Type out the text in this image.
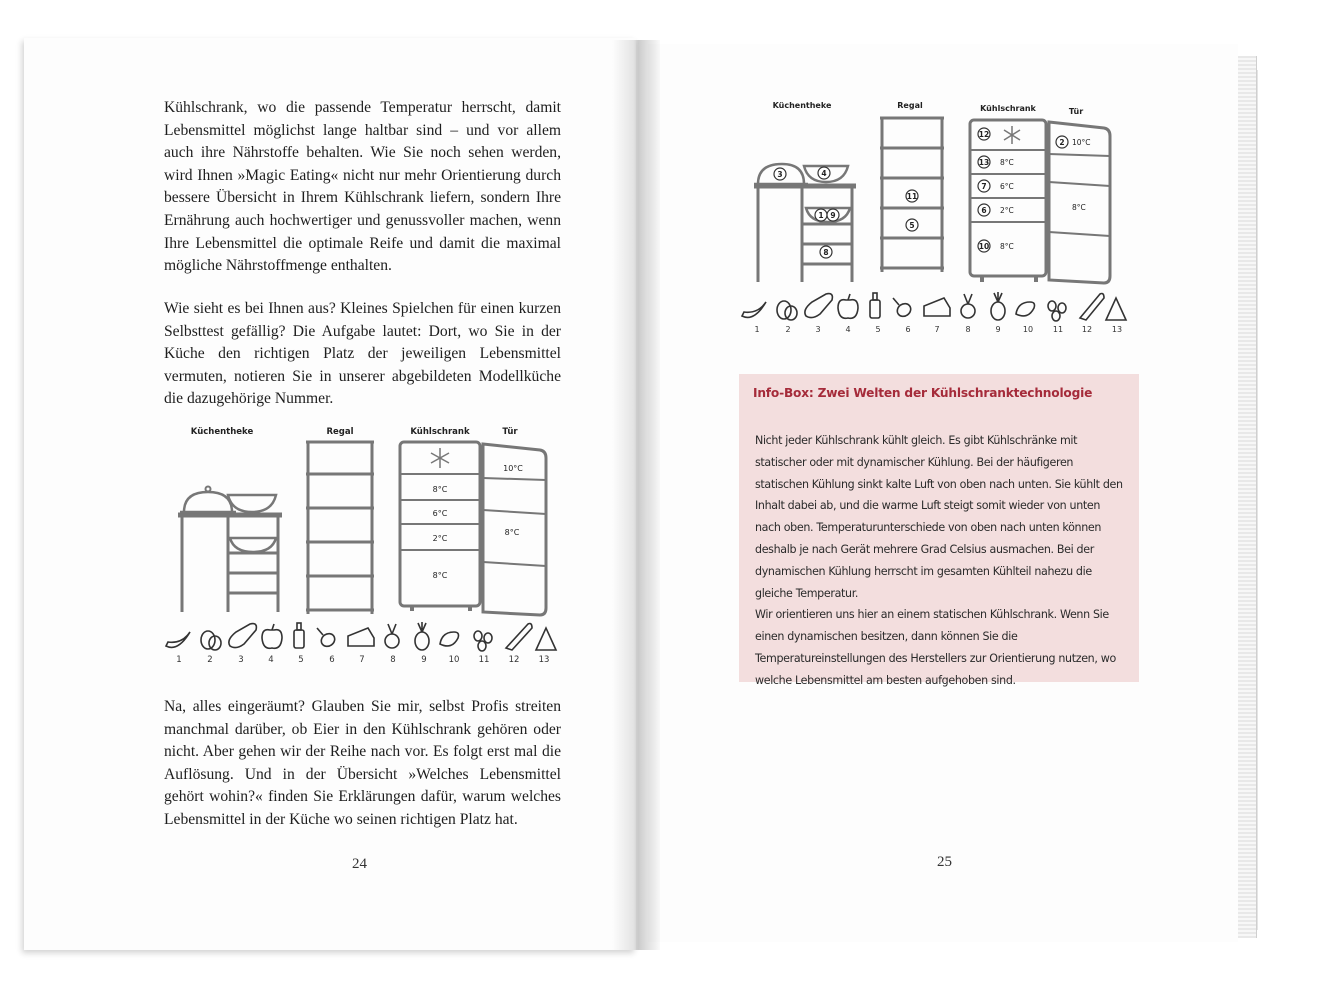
Kühlschrank, wo die passende Temperatur herrscht, damit Lebensmittel möglichst lange haltbar sind – und vor allem auch ihre Nährstoffe behalten. Wie Sie noch sehen werden, wird Ihnen »Magic Eating« nicht nur mehr Orientierung durch bessere Übersicht in Ihrem Kühlschrank liefern, sondern Ihre Ernährung auch hochwertiger und genussvoller machen, wenn Ihre Lebensmittel die optimale Reife und damit die maximal mögliche Nährstoffmenge enthalten.

Wie sieht es bei Ihnen aus? Kleines Spielchen für einen kurzen Selbsttest gefällig? Die Aufgabe lautet: Dort, wo Sie in der Küche den richtigen Platz der jeweiligen Lebensmittel vermuten, notieren Sie in unserer abgebildeten Modellküche die dazugehörige Nummer.

Na, alles eingeräumt? Glauben Sie mir, selbst Profis streiten manchmal darüber, ob Eier in den Kühlschrank gehören oder nicht. Aber gehen wir der Reihe nach vor. Es folgt erst mal die Auflösung. Und in der Übersicht »Welches Lebensmittel gehört wohin?« finden Sie Erklärungen dafür, warum welches Lebensmittel in der Küche wo seinen richtigen Platz hat.

24
Küchentheke	Regal	Kühlschrank	Tür
8°C
6°C
2°C
8°C
10°C
8°C
1	2	3	4	5	6	7	8	9	10 11 12 13
3	4
1 9
8
11
5
12
13
7
6
10
2
8°C
6°C
2°C
8°C
10°C
8°C
Küchentheke	Regal	Kühlschrank	Tür
1	2	3	4	5	6	7	8	9	10 11 12 13
Info-Box: Zwei Welten der Kühlschranktechnologie

Nicht jeder Kühlschrank kühlt gleich. Es gibt Kühlschränke mit statischer oder mit dynamischer Kühlung. Bei der häufigeren statischen Kühlung sinkt kalte Luft von oben nach unten. Sie kühlt den Inhalt dabei ab, und die warme Luft steigt somit wieder von unten nach oben. Temperaturunterschiede von oben nach unten können deshalb je nach Gerät mehrere Grad Celsius ausmachen. Bei der dynamischen Kühlung herrscht im gesamten Kühlteil nahezu die gleiche Temperatur.

Wir orientieren uns hier an einem statischen Kühlschrank. Wenn Sie einen dynamischen besitzen, dann können Sie die Temperatureinstellungen des Herstellers zur Orientierung nutzen, wo welche Lebensmittel am besten aufgehoben sind.

25
